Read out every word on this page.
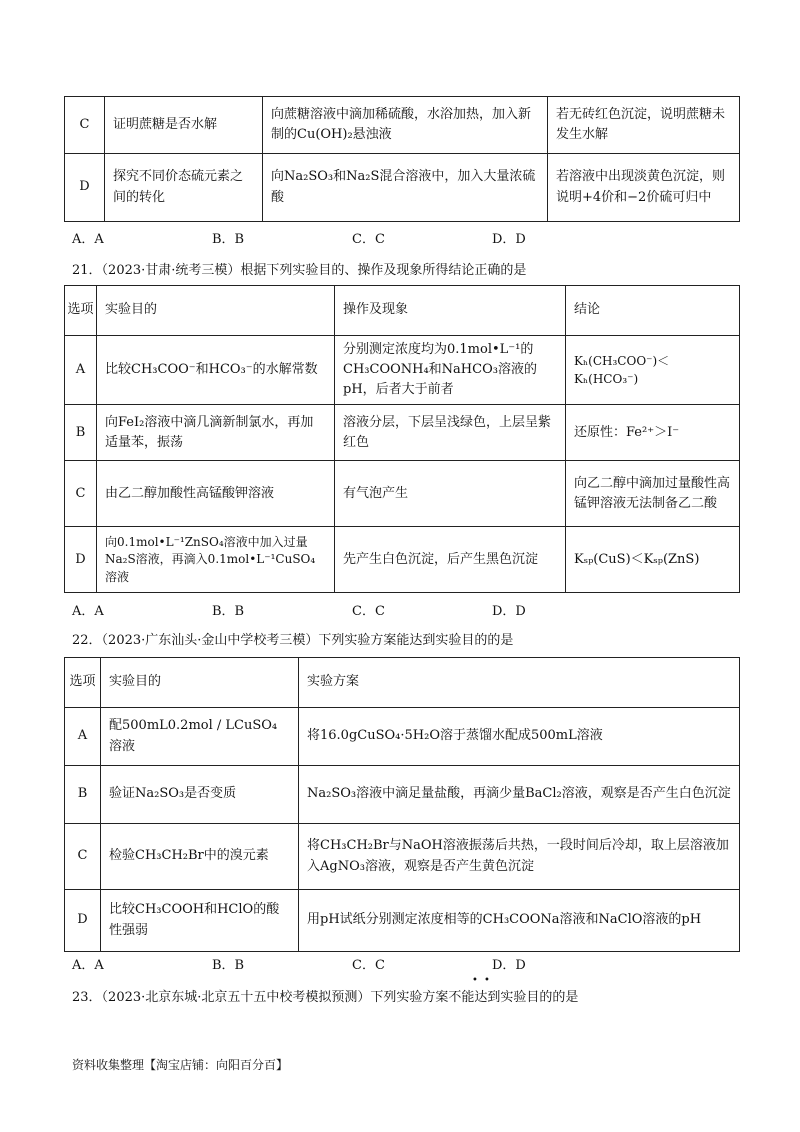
C	证明蔗糖是否水解	向蔗糖溶液中滴加稀硫酸，水浴加热，加入新制的Cu(OH)₂悬浊液	若无砖红色沉淀，说明蔗糖未发生水解
D	探究不同价态硫元素之间的转化	向Na₂SO₃和Na₂S混合溶液中，加入大量浓硫酸	若溶液中出现淡黄色沉淀，则说明+4价和−2价硫可归中
A．A	B．B	C．C	D．D
21．（2023·甘肃·统考三模）根据下列实验目的、操作及现象所得结论正确的是
选项	实验目的	操作及现象	结论
A	比较CH₃COO⁻和HCO₃⁻的水解常数	分别测定浓度均为0.1mol•L⁻¹的CH₃COONH₄和NaHCO₃溶液的pH，后者大于前者	Kₕ(CH₃COO⁻)＜Kₕ(HCO₃⁻)
B	向FeI₂溶液中滴几滴新制氯水，再加适量苯，振荡	溶液分层，下层呈浅绿色，上层呈紫红色	还原性：Fe²⁺＞I⁻
C	由乙二醇加酸性高锰酸钾溶液	有气泡产生	向乙二醇中滴加过量酸性高锰钾溶液无法制备乙二酸
D	向0.1mol•L⁻¹ZnSO₄溶液中加入过量Na₂S溶液，再滴入0.1mol•L⁻¹CuSO₄溶液	先产生白色沉淀，后产生黑色沉淀	Kₛₚ(CuS)＜Kₛₚ(ZnS)
A．A	B．B	C．C	D．D
22．（2023·广东汕头·金山中学校考三模）下列实验方案能达到实验目的的是
选项	实验目的	实验方案
A	配500mL0.2mol / LCuSO₄溶液	将16.0gCuSO₄·5H₂O溶于蒸馏水配成500mL溶液
B	验证Na₂SO₃是否变质	Na₂SO₃溶液中滴足量盐酸，再滴少量BaCl₂溶液，观察是否产生白色沉淀
C	检验CH₃CH₂Br中的溴元素	将CH₃CH₂Br与NaOH溶液振荡后共热，一段时间后冷却，取上层溶液加入AgNO₃溶液，观察是否产生黄色沉淀
D	比较CH₃COOH和HClO的酸性强弱	用pH试纸分别测定浓度相等的CH₃COONa溶液和NaClO溶液的pH
A．A	B．B	C．C	D．D
• •
23．（2023·北京东城·北京五十五中校考模拟预测）下列实验方案不能达到实验目的的是
资料收集整理【淘宝店铺：向阳百分百】
